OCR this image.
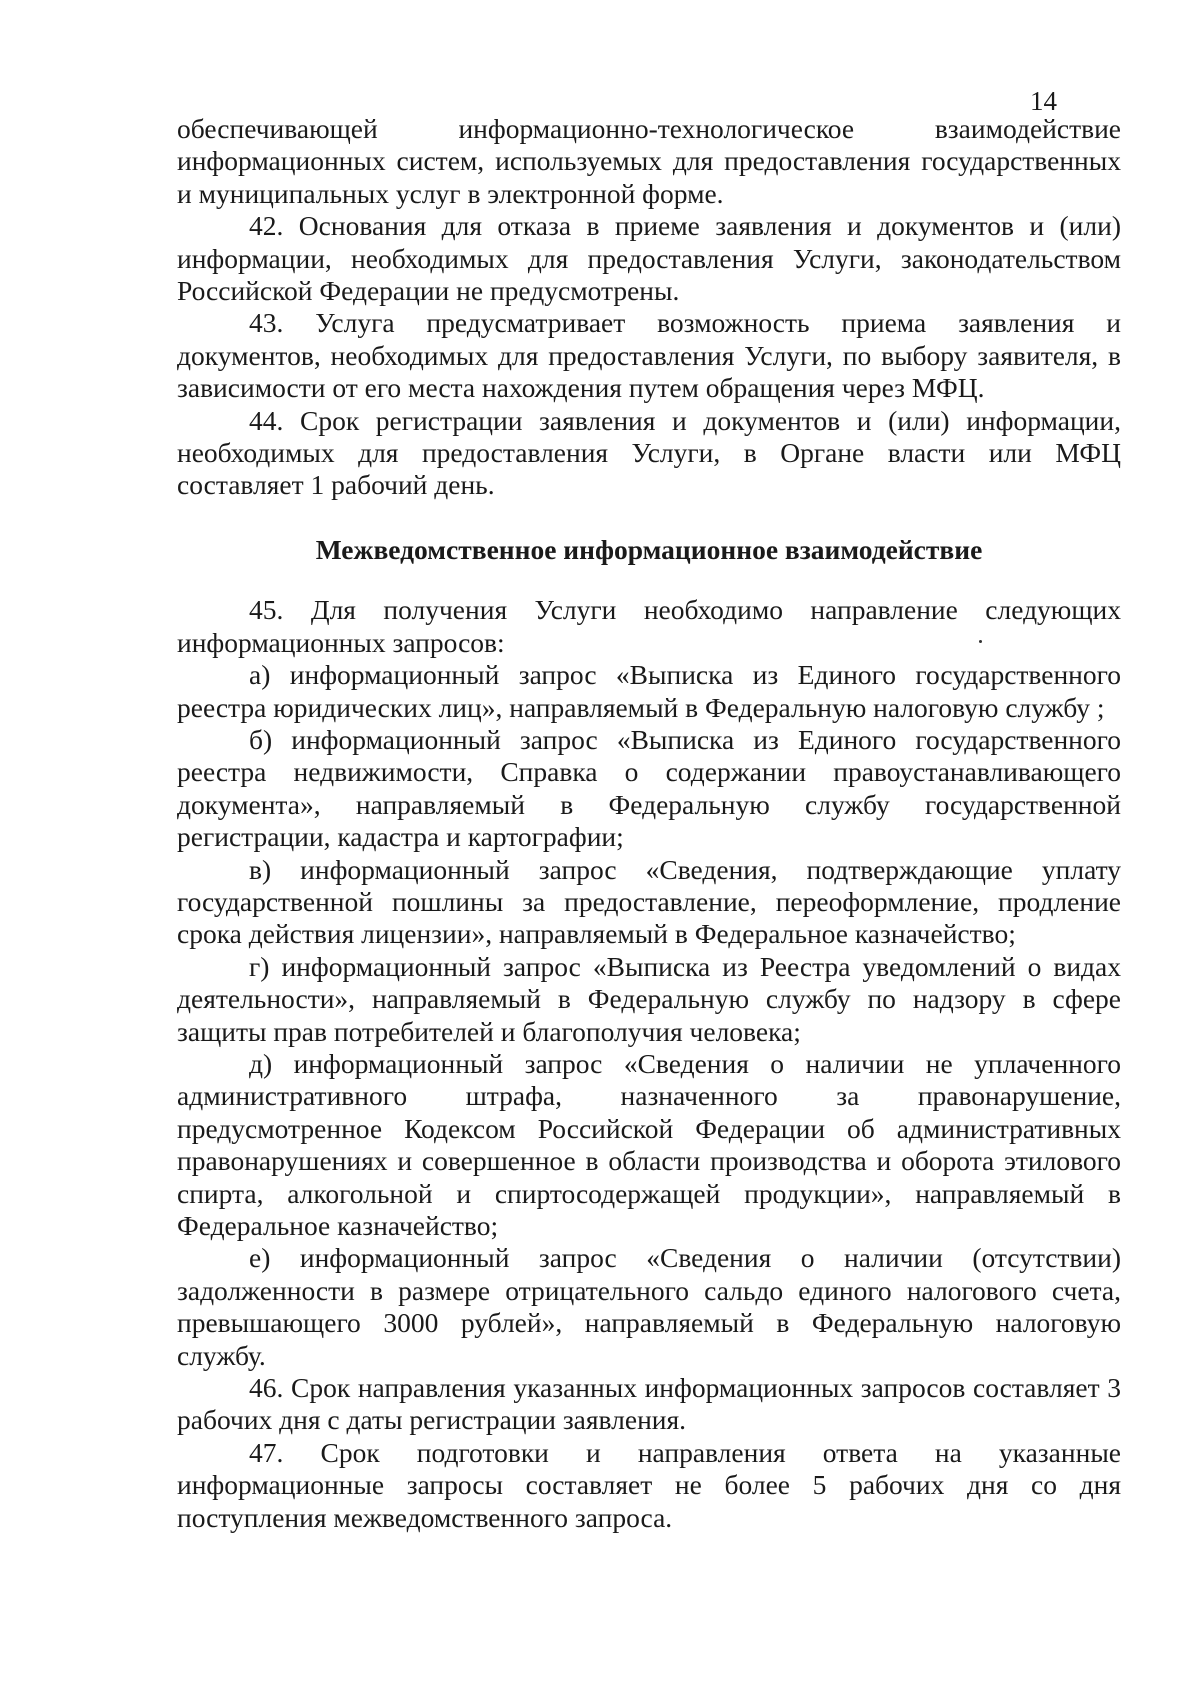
14

обеспечивающей информационно-технологическое взаимодействие информационных систем, используемых для предоставления государственных и муниципальных услуг в электронной форме.

42. Основания для отказа в приеме заявления и документов и (или) информации, необходимых для предоставления Услуги, законодательством Российской Федерации не предусмотрены.

43. Услуга предусматривает возможность приема заявления и документов, необходимых для предоставления Услуги, по выбору заявителя, в зависимости от его места нахождения путем обращения через МФЦ.

44. Срок регистрации заявления и документов и (или) информации, необходимых для предоставления Услуги, в Органе власти или МФЦ составляет 1 рабочий день.

Межведомственное информационное взаимодействие

45. Для получения Услуги необходимо направление следующих информационных запросов:

а) информационный запрос «Выписка из Единого государственного реестра юридических лиц», направляемый в Федеральную налоговую службу ;

б) информационный запрос «Выписка из Единого государственного реестра недвижимости, Справка о содержании правоустанавливающего документа», направляемый в Федеральную службу государственной регистрации, кадастра и картографии;

в) информационный запрос «Сведения, подтверждающие уплату государственной пошлины за предоставление, переоформление, продление срока действия лицензии», направляемый в Федеральное казначейство;

г) информационный запрос «Выписка из Реестра уведомлений о видах деятельности», направляемый в Федеральную службу по надзору в сфере защиты прав потребителей и благополучия человека;

д) информационный запрос «Сведения о наличии не уплаченного административного штрафа, назначенного за правонарушение, предусмотренное Кодексом Российской Федерации об административных правонарушениях и совершенное в области производства и оборота этилового спирта, алкогольной и спиртосодержащей продукции», направляемый в Федеральное казначейство;

е) информационный запрос «Сведения о наличии (отсутствии) задолженности в размере отрицательного сальдо единого налогового счета, превышающего 3000 рублей», направляемый в Федеральную налоговую службу.

46. Срок направления указанных информационных запросов составляет 3 рабочих дня с даты регистрации заявления.

47. Срок подготовки и направления ответа на указанные информационные запросы составляет не более 5 рабочих дня со дня поступления межведомственного запроса.
